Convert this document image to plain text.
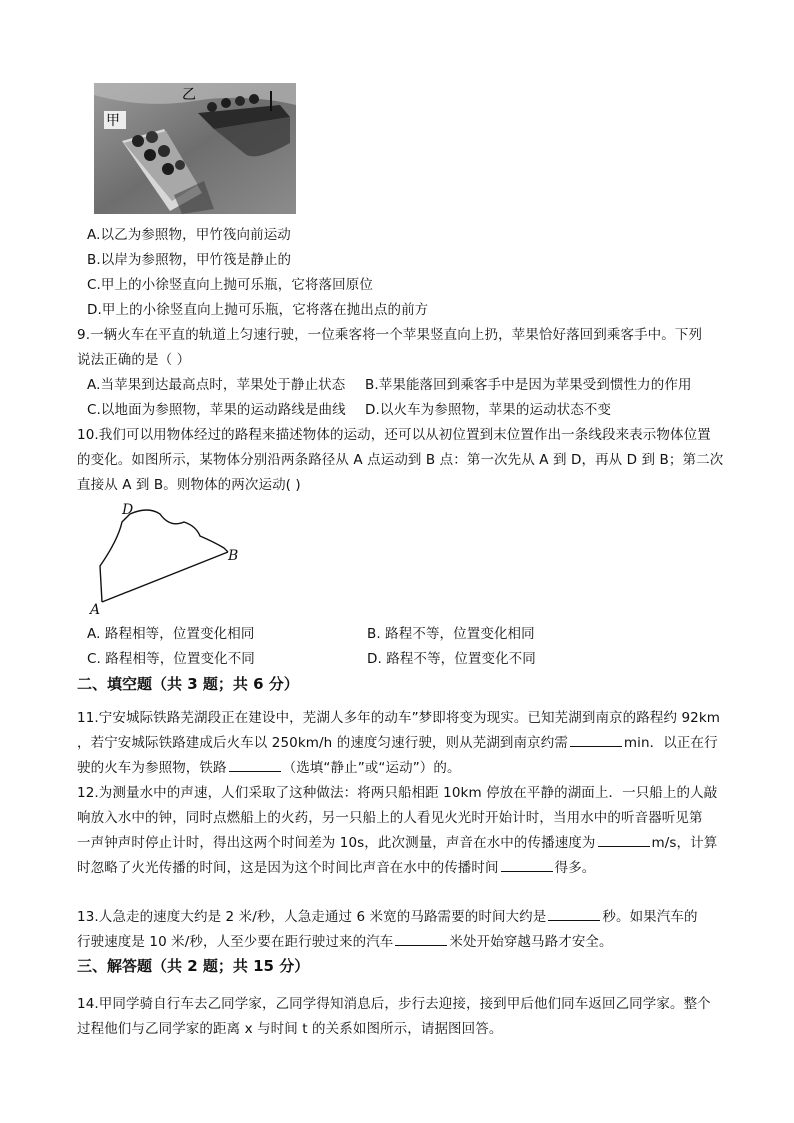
甲
乙
A.以乙为参照物，甲竹筏向前运动
B.以岸为参照物，甲竹筏是静止的
C.甲上的小徐竖直向上抛可乐瓶，它将落回原位
D.甲上的小徐竖直向上抛可乐瓶，它将落在抛出点的前方
9.一辆火车在平直的轨道上匀速行驶，一位乘客将一个苹果竖直向上扔，苹果恰好落回到乘客手中。下列
说法正确的是（ ）
A.当苹果到达最高点时，苹果处于静止状态 B.苹果能落回到乘客手中是因为苹果受到惯性力的作用
C.以地面为参照物，苹果的运动路线是曲线 D.以火车为参照物，苹果的运动状态不变
10.我们可以用物体经过的路程来描述物体的运动，还可以从初位置到末位置作出一条线段来表示物体位置
的变化。如图所示，某物体分别沿两条路径从 A 点运动到 B 点：第一次先从 A 到 D，再从 D 到 B；第二次
直接从 A 到 B。则物体的两次运动( )
A
B
D
A. 路程相等，位置变化相同	B. 路程不等，位置变化相同
C. 路程相等，位置变化不同	D. 路程不等，位置变化不同
二、填空题（共 3 题；共 6 分）
11.宁安城际铁路芜湖段正在建设中，芜湖人多年的动车”梦即将变为现实。已知芜湖到南京的路程约 92km
，若宁安城际铁路建成后火车以 250km/h 的速度匀速行驶，则从芜湖到南京约需	min．以正在行
驶的火车为参照物，铁路	（选填“静止”或“运动”）的。
12.为测量水中的声速，人们采取了这种做法：将两只船相距 10km 停放在平静的湖面上．一只船上的人敲
响放入水中的钟，同时点燃船上的火药，另一只船上的人看见火光时开始计时，当用水中的听音器听见第
一声钟声时停止计时，得出这两个时间差为 10s，此次测量，声音在水中的传播速度为	m/s，计算
时忽略了火光传播的时间，这是因为这个时间比声音在水中的传播时间	得多。
13.人急走的速度大约是 2 米/秒，人急走通过 6 米宽的马路需要的时间大约是	秒。如果汽车的
行驶速度是 10 米/秒，人至少要在距行驶过来的汽车	米处开始穿越马路才安全。
三、解答题（共 2 题；共 15 分）
14.甲同学骑自行车去乙同学家，乙同学得知消息后，步行去迎接，接到甲后他们同车返回乙同学家。整个
过程他们与乙同学家的距离 x 与时间 t 的关系如图所示，请据图回答。
